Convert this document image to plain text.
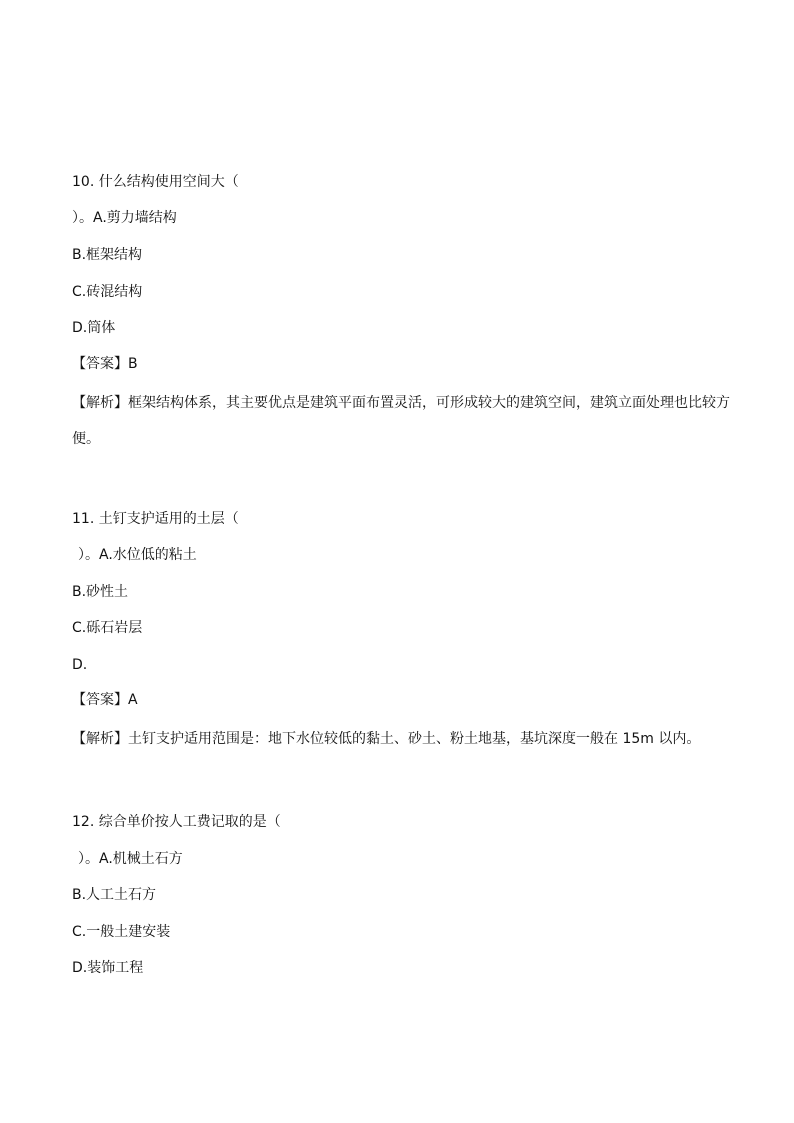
10. 什么结构使用空间大（
）。A.剪力墙结构
B.框架结构
C.砖混结构
D.筒体
【答案】B
【解析】框架结构体系，其主要优点是建筑平面布置灵活，可形成较大的建筑空间，建筑立面处理也比较方便。
11. 土钉支护适用的土层（
）。A.水位低的粘土
B.砂性土
C.砾石岩层
D.
【答案】A
【解析】土钉支护适用范围是：地下水位较低的黏土、砂土、粉土地基，基坑深度一般在 15m 以内。
12. 综合单价按人工费记取的是（
）。A.机械土石方
B.人工土石方
C.一般土建安装
D.装饰工程
